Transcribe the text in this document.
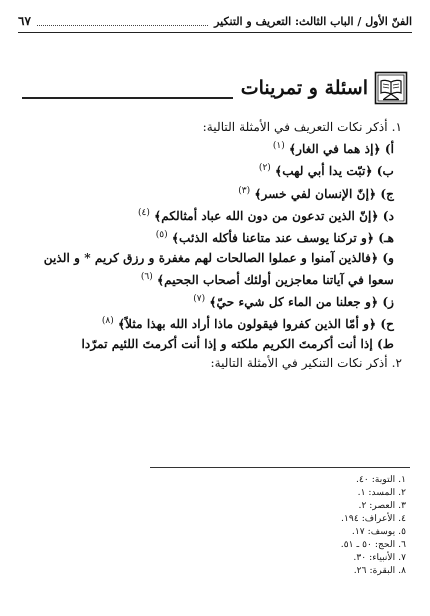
الفنّ الأول / الباب الثالث: التعريف و التنكير
٦٧
اسئلة و تمرينات
١. أذكر نكات التعريف في الأمثلة التالية:
أ) ﴿إذ هما في الغار﴾ $^{(١)}$
ب) ﴿تبّت يدا أبي لهب﴾ $^{(٢)}$
ج) ﴿إنّ الإنسان لفي خسر﴾ $^{(٣)}$
د) ﴿إنّ الذين تدعون من دون الله عباد أمثالكم﴾ $^{(٤)}$
هـ) ﴿و تركنا يوسف عند متاعنا فأكله الذئب﴾ $^{(٥)}$
و) ﴿فالذين آمنوا و عملوا الصالحات لهم مغفرة و رزق كريم * و الذين
سعوا في آياتنا معاجزين أولئك أصحاب الجحيم﴾ $^{(٦)}$
ز) ﴿و جعلنا من الماء كل شيء حيّ﴾ $^{(٧)}$
ح) ﴿و أمّا الذين كفروا فيقولون ماذا أراد الله بهذا مثلاً﴾ $^{(٨)}$
ط) إذا أنت أكرمتَ الكريم ملكته و إذا أنت أكرمتَ اللئيم تمرّدا
٢. أذكر نكات التنكير في الأمثلة التالية:
١. التوبة: ٤٠.
٢. المسد: ١.
٣. العصر: ٢.
٤. الأعراف: ١٩٤.
٥. يوسف: ١٧.
٦. الحج: ٥٠ ـ ٥١.
٧. الأنبياء: ٣٠.
٨. البقرة: ٢٦.
